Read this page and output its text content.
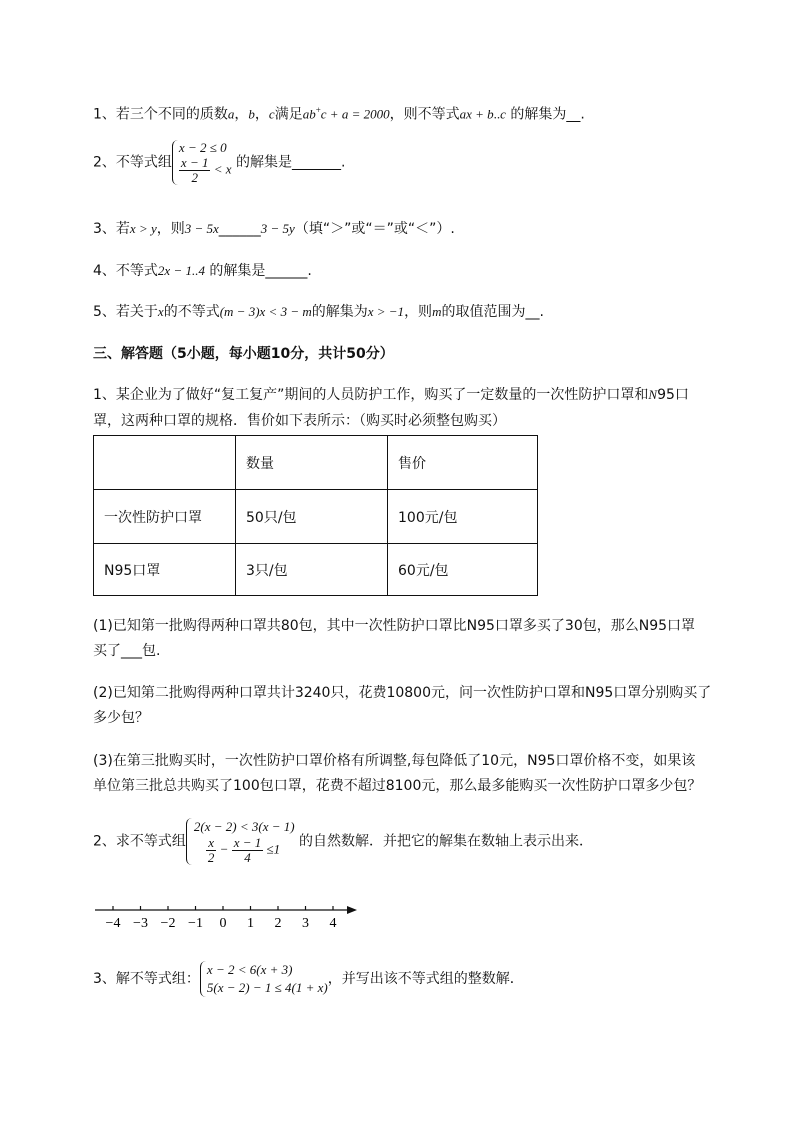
1、若三个不同的质数a，b，c满足ab+c + a = 2000，则不等式ax + b..c 的解集为__.
2、不等式组
x − 2 ≤ 0
$\frac{x - 1}{2} < x$ 的解集是_______.
3、若x > y，则3 − 5x______3 − 5y（填“＞”或“＝”或“＜”）.
4、不等式2x − 1..4 的解集是______.
5、若关于x的不等式(m − 3)x < 3 − m的解集为x > −1，则m的取值范围为__.
三、解答题（5小题，每小题10分，共计50分）
1、某企业为了做好“复工复产”期间的人员防护工作，购买了一定数量的一次性防护口罩和N95口
罩，这两种口罩的规格．售价如下表所示：（购买时必须整包购买）
	数量	售价
一次性防护口罩	50只/包	100元/包
N95口罩	3只/包	60元/包
(1)已知第一批购得两种口罩共80包，其中一次性防护口罩比N95口罩多买了30包，那么N95口罩
买了___包.
(2)已知第二批购得两种口罩共计3240只，花费10800元，问一次性防护口罩和N95口罩分别购买了
多少包？
(3)在第三批购买时，一次性防护口罩价格有所调整,每包降低了10元，N95口罩价格不变，如果该
单位第三批总共购买了100包口罩，花费不超过8100元，那么最多能购买一次性防护口罩多少包？
2、求不等式组
2(x − 2) < 3(x − 1)
$\frac{x}{2} - \frac{x - 1}{4} \le 1$	的自然数解．并把它的解集在数轴上表示出来．
−4 −3 −2 −1 0 1 2 3 4
3、解不等式组：
x − 2 < 6(x + 3)
5(x − 2) − 1 ≤ 4(1 + x)
，并写出该不等式组的整数解．
